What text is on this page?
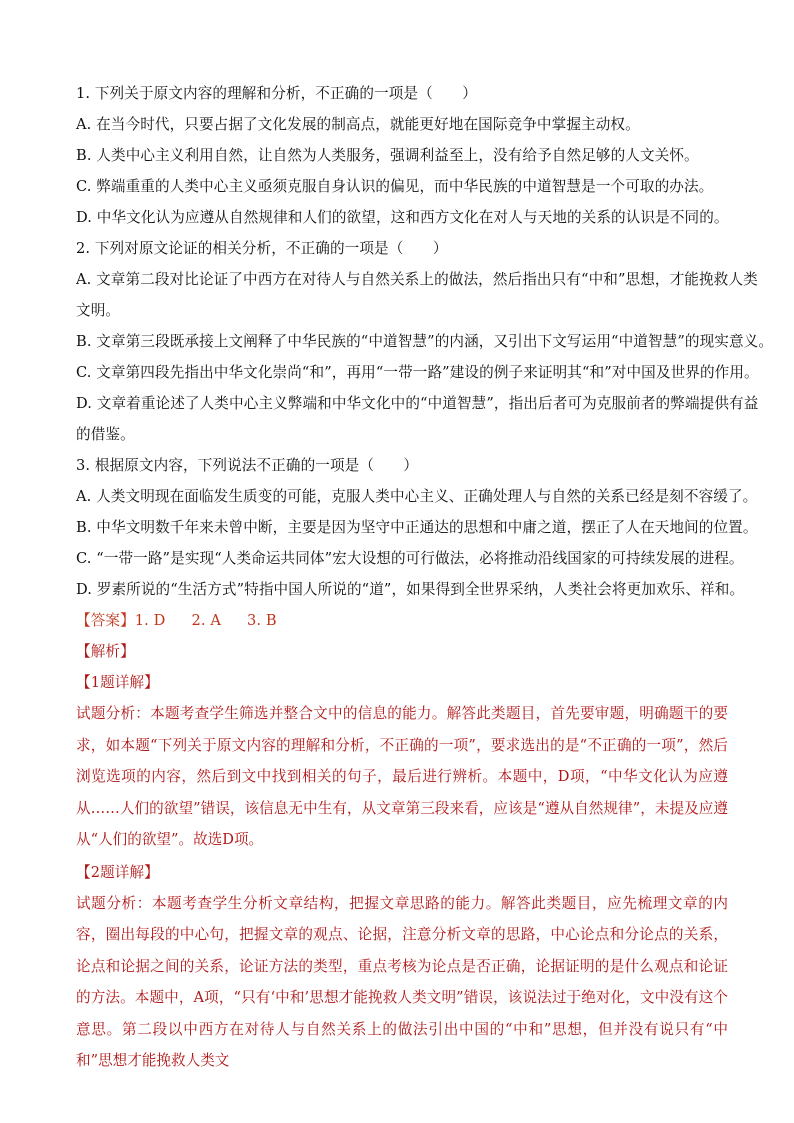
1. 下列关于原文内容的理解和分析，不正确的一项是（　　）
A. 在当今时代，只要占据了文化发展的制高点，就能更好地在国际竞争中掌握主动权。
B. 人类中心主义利用自然，让自然为人类服务，强调利益至上，没有给予自然足够的人文关怀。
C. 弊端重重的人类中心主义亟须克服自身认识的偏见，而中华民族的中道智慧是一个可取的办法。
D. 中华文化认为应遵从自然规律和人们的欲望，这和西方文化在对人与天地的关系的认识是不同的。
2. 下列对原文论证的相关分析，不正确的一项是（　　）
A. 文章第二段对比论证了中西方在对待人与自然关系上的做法，然后指出只有“中和”思想，才能挽救人类
文明。
B. 文章第三段既承接上文阐释了中华民族的“中道智慧”的内涵，又引出下文写运用“中道智慧”的现实意义。
C. 文章第四段先指出中华文化崇尚“和”，再用“一带一路”建设的例子来证明其“和”对中国及世界的作用。
D. 文章着重论述了人类中心主义弊端和中华文化中的“中道智慧”，指出后者可为克服前者的弊端提供有益
的借鉴。
3. 根据原文内容，下列说法不正确的一项是（　　）
A. 人类文明现在面临发生质变的可能，克服人类中心主义、正确处理人与自然的关系已经是刻不容缓了。
B. 中华文明数千年来未曾中断，主要是因为坚守中正通达的思想和中庸之道，摆正了人在天地间的位置。
C. “一带一路”是实现“人类命运共同体”宏大设想的可行做法，必将推动沿线国家的可持续发展的进程。
D. 罗素所说的“生活方式”特指中国人所说的“道”，如果得到全世界采纳，人类社会将更加欢乐、祥和。
【答案】1. D 2. A 3. B
【解析】
【1题详解】
试题分析：本题考查学生筛选并整合文中的信息的能力。解答此类题目，首先要审题，明确题干的要求，如本题“下列关于原文内容的理解和分析，不正确的一项”，要求选出的是“不正确的一项”，然后浏览选项的内容，然后到文中找到相关的句子，最后进行辨析。本题中，D项，“中华文化认为应遵从……人们的欲望”错误，该信息无中生有，从文章第三段来看，应该是“遵从自然规律”，未提及应遵从“人们的欲望”。故选D项。
【2题详解】
试题分析：本题考查学生分析文章结构，把握文章思路的能力。解答此类题目，应先梳理文章的内容，圈出每段的中心句，把握文章的观点、论据，注意分析文章的思路，中心论点和分论点的关系，论点和论据之间的关系，论证方法的类型，重点考核为论点是否正确，论据证明的是什么观点和论证的方法。本题中，A项，“只有‘中和’思想才能挽救人类文明”错误，该说法过于绝对化，文中没有这个意思。第二段以中西方在对待人与自然关系上的做法引出中国的“中和”思想，但并没有说只有“中和”思想才能挽救人类文
